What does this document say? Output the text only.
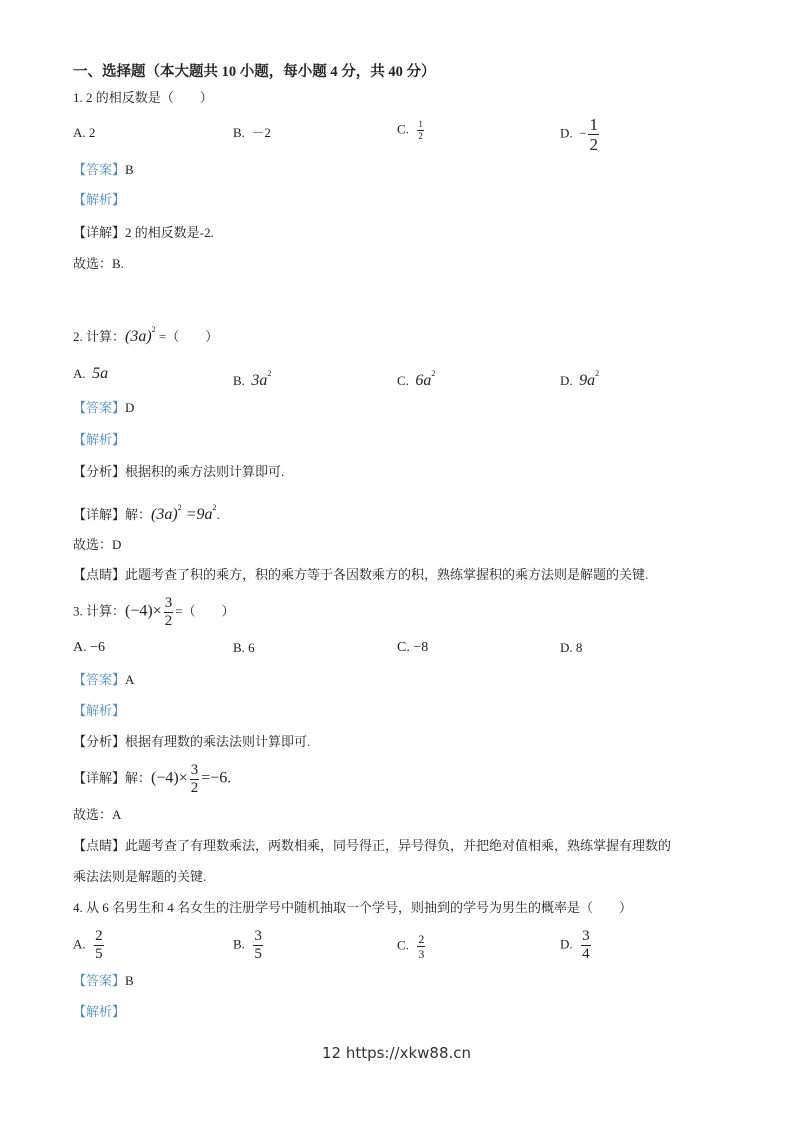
一、选择题（本大题共 10 小题，每小题 4 分，共 40 分）
1. 2 的相反数是（　　）
A. 2	B. －2	C. $\frac{1}{2}$	D. − $\frac{1}{2}$
【答案】B
【解析】
【详解】2 的相反数是-2.
故选：B.
2. 计算：$(3a)^2$ =（　　）
A. 5a	B. $3a^2$	C. $6a^2$	D. $9a^2$
【答案】D
【解析】
【分析】根据积的乘方法则计算即可.
【详解】解：$(3a)^2 =9a^2$.
故选：D
【点睛】此题考查了积的乘方，积的乘方等于各因数乘方的积，熟练掌握积的乘方法则是解题的关键.
3. 计算：$(-4)\times \frac{3}{2}$ =（　　）
A. −6	B. 6	C. −8	D. 8
【答案】A
【解析】
【分析】根据有理数的乘法法则计算即可.
【详解】解：$(-4)\times \frac{3}{2} =-6$.
故选：A
【点睛】此题考查了有理数乘法，两数相乘，同号得正，异号得负，并把绝对值相乘，熟练掌握有理数的
乘法法则是解题的关键.
4. 从 6 名男生和 4 名女生的注册学号中随机抽取一个学号，则抽到的学号为男生的概率是（　　）
A. $\frac{2}{5}$	B. $\frac{3}{5}$	C. $\frac{2}{3}$	D. $\frac{3}{4}$
【答案】B
【解析】
12 https://xkw88.cn
